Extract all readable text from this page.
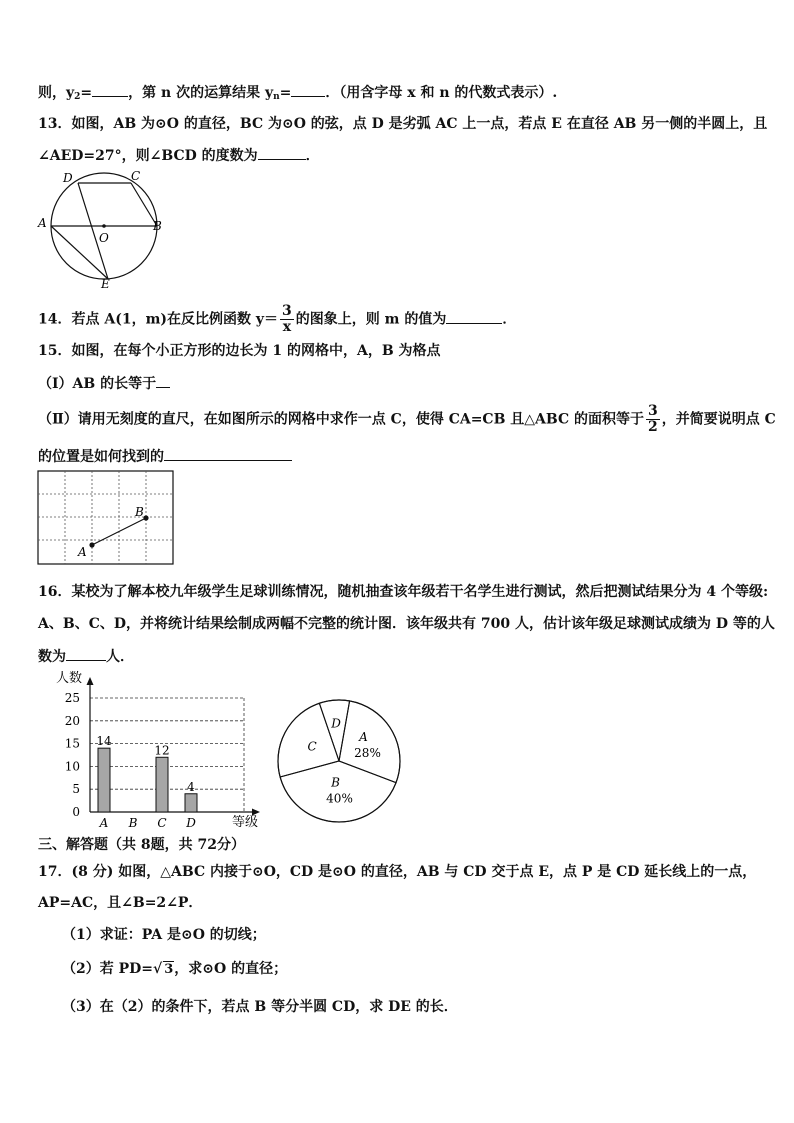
则，$y_2=$	，第 n 次的运算结果 $y_n=$ ．（用含字母 x 和 n 的代数式表示）.
13．如图，AB 为⊙O 的直径，BC 为⊙O 的弦，点 D 是劣弧 AC 上一点，若点 E 在直径 AB 另一侧的半圆上，且
∠AED=27°，则∠BCD 的度数为	．
D	C
A
O
B
E
14．若点 A(1，m)在反比例函数 $y= \frac{3}{x}$ 的图象上，则 m 的值为	．
15．如图，在每个小正方形的边长为 1 的网格中，A，B 为格点
（Ⅰ）AB 的长等于
（Ⅱ）请用无刻度的直尺，在如图所示的网格中求作一点 C，使得 CA=CB 且△ABC 的面积等于 $\frac{3}{2}$ ，并简要说明点 C
的位置是如何找到的
A
B
16．某校为了解本校九年级学生足球训练情况，随机抽查该年级若干名学生进行测试，然后把测试结果分为 4 个等级:
A、B、C、D，并将统计结果绘制成两幅不完整的统计图．该年级共有 700 人，估计该年级足球测试成绩为 D 等的人
数为	人．
人数
等级
0
5
10
15
20
25
A
14
B C
12
D
4
A
28%
B
40%
C
D
三、解答题（共 8题，共 72分）
17．(8 分) 如图，△ABC 内接于⊙O，CD 是⊙O 的直径，AB 与 CD 交于点 E，点 P 是 CD 延长线上的一点，
AP=AC，且∠B=2∠P．
（1）求证：PA 是⊙O 的切线；
（2）若 PD=√ 3，求⊙O 的直径；
（3）在（2）的条件下，若点 B 等分半圆 CD，求 DE 的长．
